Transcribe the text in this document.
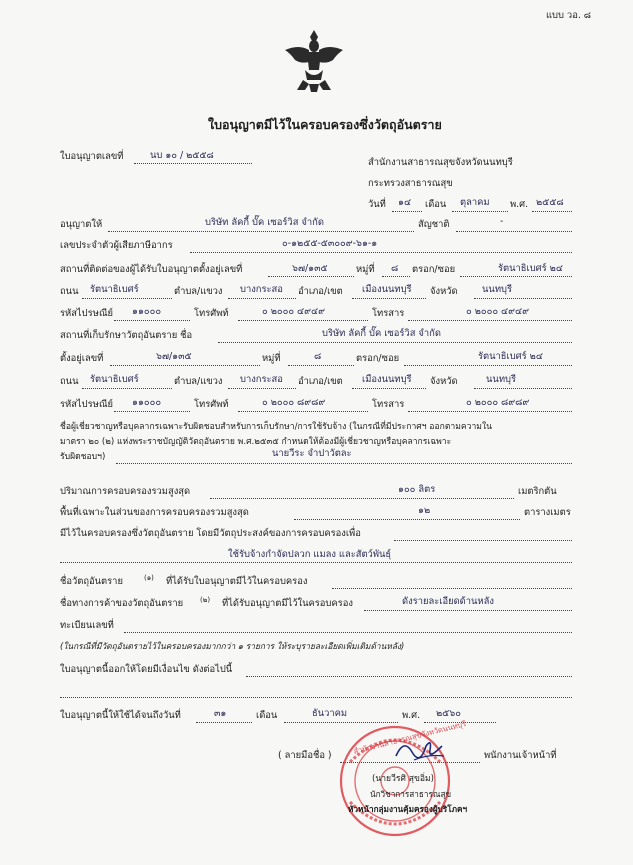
แบบ วอ. ๘
ใบอนุญาตมีไว้ในครอบครองซึ่งวัตถุอันตราย
ใบอนุญาตเลขที่	นบ ๑๐ / ๒๕๕๘
สำนักงานสาธารณสุขจังหวัดนนทบุรี
กระทรวงสาธารณสุข
วันที่ ๑๔ เดือน ตุลาคม พ.ศ. ๒๕๕๘
อนุญาตให้	บริษัท ลัคกี้ บั๊ค เซอร์วิส จำกัด	สัญชาติ	-
เลขประจำตัวผู้เสียภาษีอากร	๐-๑๒๕๕-๕๓๐๐๙-๖๑-๑
สถานที่ติดต่อของผู้ได้รับใบอนุญาตตั้งอยู่เลขที่	๖๗/๑๓๕	หมู่ที่ ๘ ตรอก/ซอย	รัตนาธิเบศร์ ๒๔
ถนน รัตนาธิเบศร์	ตำบล/แขวง บางกระสอ อำเภอ/เขต เมืองนนทบุรี จังหวัด	นนทบุรี
รหัสไปรษณีย์ ๑๑๐๐๐	โทรศัพท์	๐ ๒๐๐๐ ๔๙๔๙	โทรสาร	๐ ๒๐๐๐ ๔๙๔๙
สถานที่เก็บรักษาวัตถุอันตราย ชื่อ	บริษัท ลัคกี้ บั๊ค เซอร์วิส จำกัด
ตั้งอยู่เลขที่	๖๗/๑๓๕	หมู่ที่	๘	ตรอก/ซอย	รัตนาธิเบศร์ ๒๔
ถนน รัตนาธิเบศร์	ตำบล/แขวง บางกระสอ อำเภอ/เขต เมืองนนทบุรี จังหวัด	นนทบุรี
รหัสไปรษณีย์ ๑๑๐๐๐	โทรศัพท์	๐ ๒๐๐๐ ๘๙๘๙	โทรสาร	๐ ๒๐๐๐ ๘๙๘๙
ชื่อผู้เชี่ยวชาญหรือบุคลากรเฉพาะรับผิดชอบสำหรับการเก็บรักษา/การใช้รับจ้าง (ในกรณีที่มีประกาศฯ ออกตามความใน
มาตรา ๒๐ (๒) แห่งพระราชบัญญัติวัตถุอันตราย พ.ศ.๒๕๓๕ กำหนดให้ต้องมีผู้เชี่ยวชาญหรือบุคลากรเฉพาะ
รับผิดชอบฯ)	นายวีระ จำปาวัตละ
ปริมาณการครอบครองรวมสูงสุด	๑๐๐ ลิตร	เมตริกตัน
พื้นที่เฉพาะในส่วนของการครอบครองรวมสูงสุด	๑๒	ตารางเมตร
มีไว้ในครอบครองซึ่งวัตถุอันตราย โดยมีวัตถุประสงค์ของการครอบครองเพื่อ
ใช้รับจ้างกำจัดปลวก แมลง และสัตว์พันธุ์
ชื่อวัตถุอันตราย	(๑) ที่ได้รับใบอนุญาตมีไว้ในครอบครอง
ชื่อทางการค้าของวัตถุอันตราย (๒) ที่ได้รับอนุญาตมีไว้ในครอบครอง	ดังรายละเอียดด้านหลัง
ทะเบียนเลขที่
(ในกรณีที่มีวัตถุอันตรายไว้ในครอบครองมากกว่า ๑ รายการ ให้ระบุรายละเอียดเพิ่มเติมด้านหลัง)
ใบอนุญาตนี้ออกให้โดยมีเงื่อนไข ดังต่อไปนี้
ใบอนุญาตนี้ให้ใช้ได้จนถึงวันที่	๓๑	เดือน	ธันวาคม	พ.ศ. ๒๕๖๐
สำนักงานสาธารณสุขจังหวัดนนทบุรี
( ลายมือชื่อ )	พนักงานเจ้าหน้าที่
(นายวีรศิ สุขอิ่ม)
นักวิชาการสาธารณสุข
หัวหน้ากลุ่มงานคุ้มครองผู้บริโภคฯ
